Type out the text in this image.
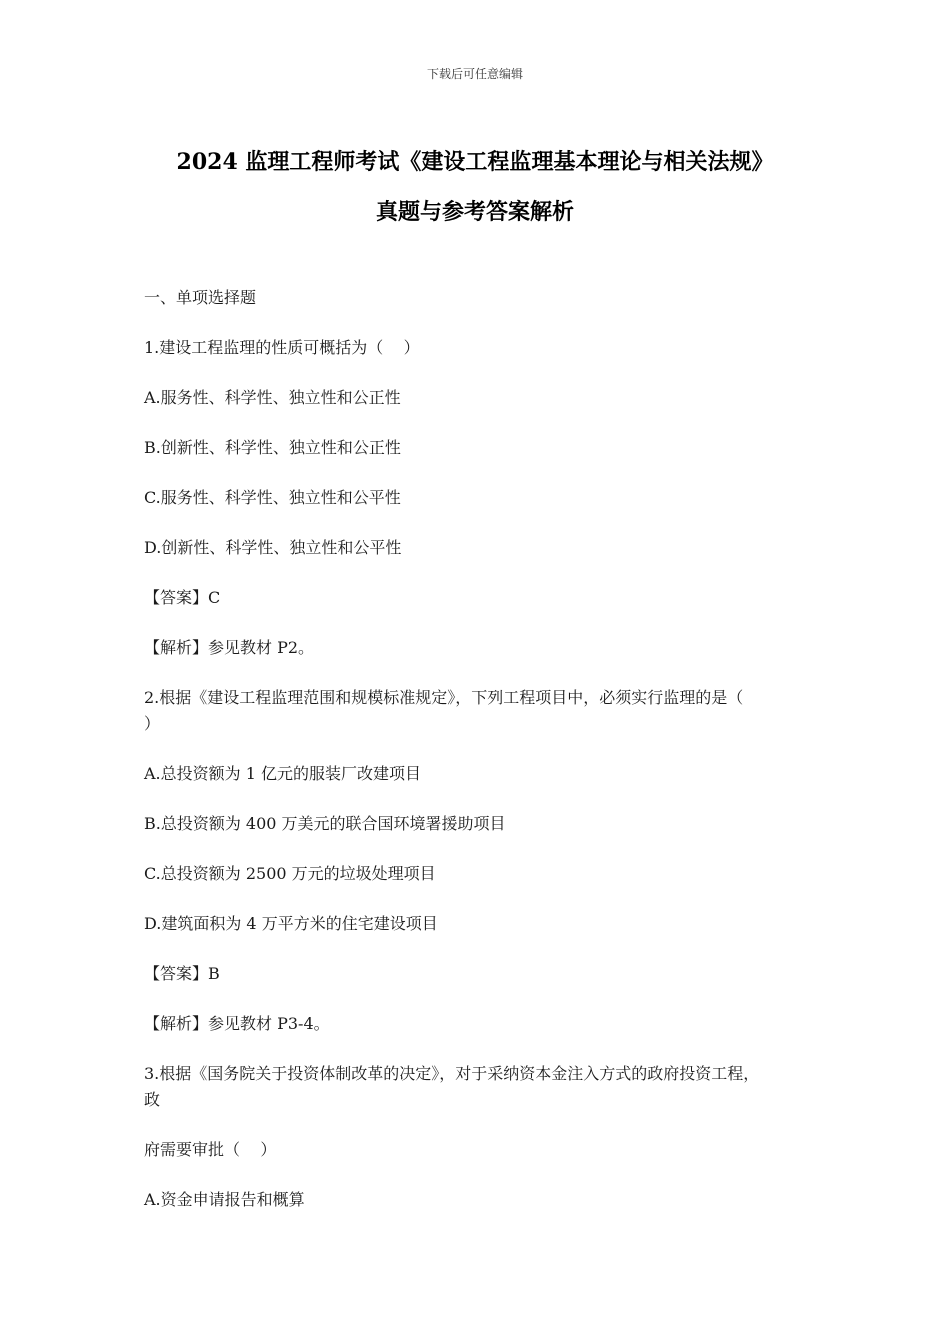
下载后可任意编辑
2024 监理工程师考试《建设工程监理基本理论与相关法规》
真题与参考答案解析

一、单项选择题

1.建设工程监理的性质可概括为（    ）

A.服务性、科学性、独立性和公正性

B.创新性、科学性、独立性和公正性

C.服务性、科学性、独立性和公平性

D.创新性、科学性、独立性和公平性

【答案】C

【解析】参见教材 P2。

2.根据《建设工程监理范围和规模标准规定》，下列工程项目中，必须实行监理的是（

）

A.总投资额为 1 亿元的服装厂改建项目

B.总投资额为 400 万美元的联合国环境署援助项目

C.总投资额为 2500 万元的垃圾处理项目

D.建筑面积为 4 万平方米的住宅建设项目

【答案】B

【解析】参见教材 P3-4。

3.根据《国务院关于投资体制改革的决定》，对于采纳资本金注入方式的政府投资工程，

政

府需要审批（    ）

A.资金申请报告和概算
